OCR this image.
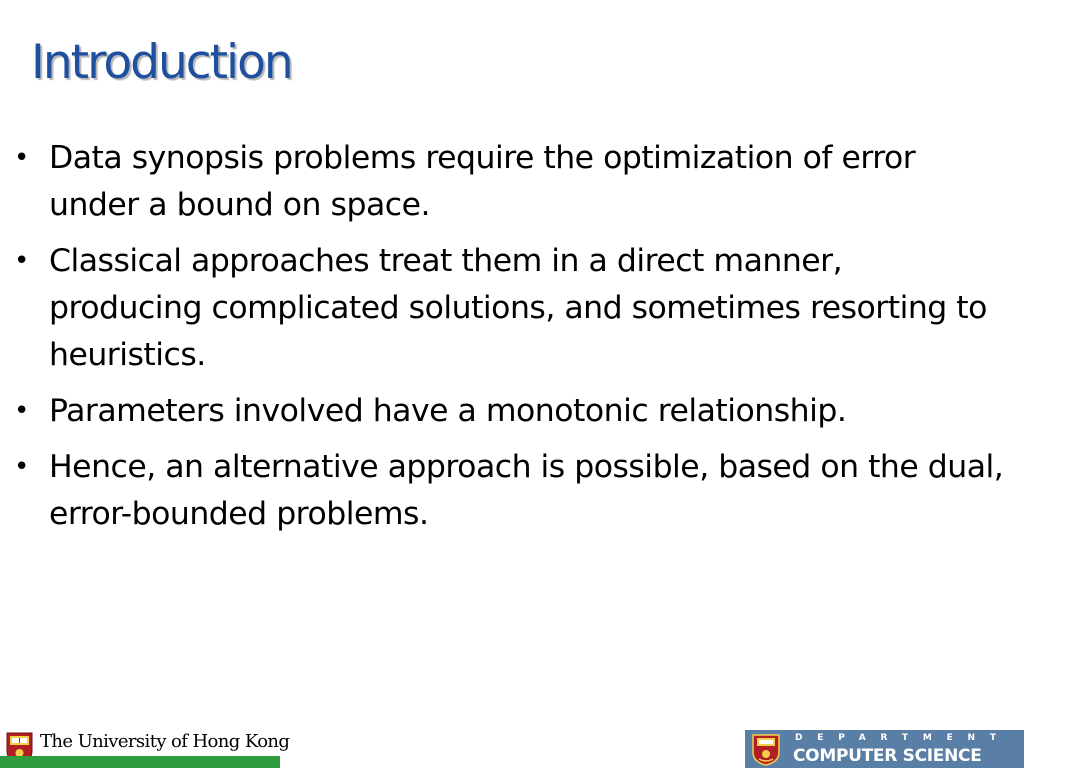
Introduction
• Data synopsis problems require the optimization of error under a bound on space.
• Classical approaches treat them in a direct manner, producing complicated solutions, and sometimes resorting to heuristics.
• Parameters involved have a monotonic relationship.
• Hence, an alternative approach is possible, based on the dual, error-bounded problems.
The University of Hong Kong	DEPARTMENT OF
COMPUTER SCIENCE
